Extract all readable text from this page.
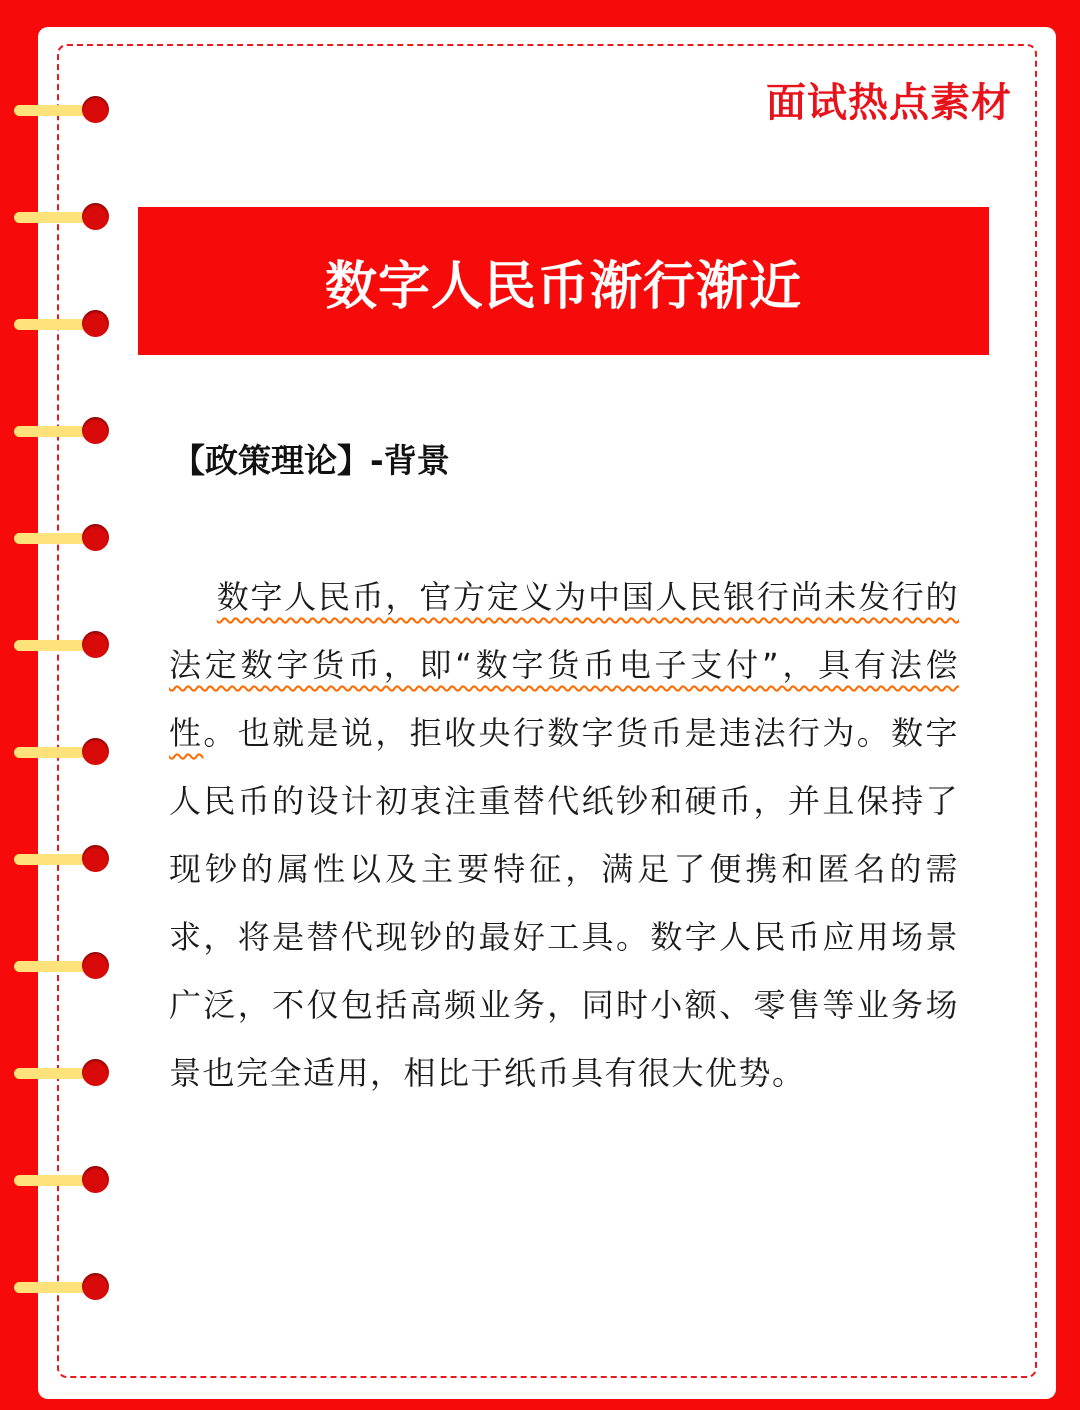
面试热点素材
数字人民币渐行渐近
【政策理论】-背景
数字人民币，官方定义为中国人民银行尚未发行的法定数字货币，即“数字货币电子支付”，具有法偿性。也就是说，拒收央行数字货币是违法行为。数字人民币的设计初衷注重替代纸钞和硬币，并且保持了现钞的属性以及主要特征，满足了便携和匿名的需求，将是替代现钞的最好工具。数字人民币应用场景广泛，不仅包括高频业务，同时小额、零售等业务场景也完全适用，相比于纸币具有很大优势。
